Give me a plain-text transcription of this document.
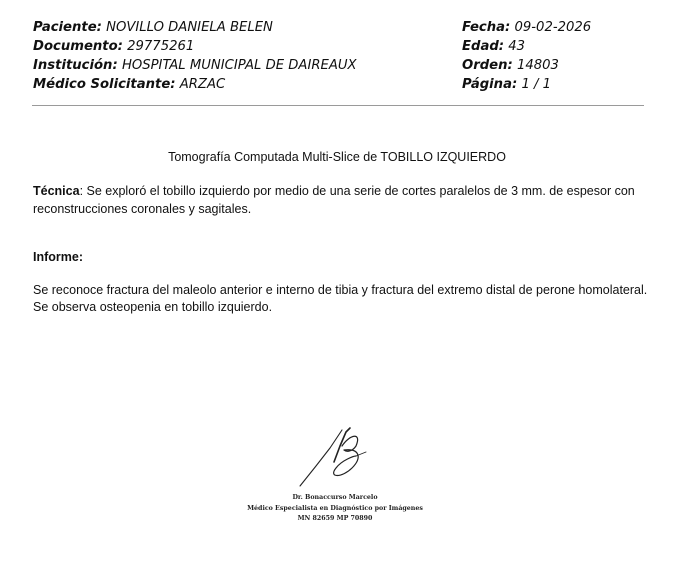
Paciente: NOVILLO DANIELA BELEN
Documento: 29775261
Institución: HOSPITAL MUNICIPAL DE DAIREAUX
Médico Solicitante: ARZAC
Fecha: 09-02-2026
Edad: 43
Orden: 14803
Página: 1 / 1
Tomografía Computada Multi-Slice de TOBILLO IZQUIERDO
Técnica: Se exploró el tobillo izquierdo por medio de una serie de cortes paralelos de 3 mm. de espesor con reconstrucciones coronales y sagitales.
Informe:
Se reconoce fractura del maleolo anterior e interno de tibia y fractura del extremo distal de perone homolateral.
Se observa osteopenia en tobillo izquierdo.
Dr. Bonaccurso Marcelo
Médico Especialista en Diagnóstico por Imágenes
MN 82659 MP 70890
